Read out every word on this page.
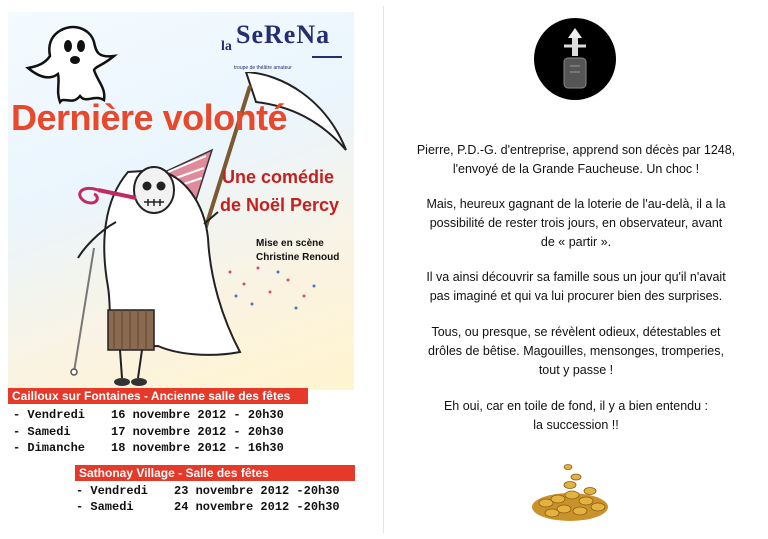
la SeReNa
troupe de théâtre amateur
Dernière volonté
Une comédie
de Noël Percy
Mise en scène
Christine Renoud
Cailloux sur Fontaines - Ancienne salle des fêtes
- Vendredi 16 novembre 2012 - 20h30
- Samedi	17 novembre 2012 - 20h30
- Dimanche 18 novembre 2012 - 16h30
Sathonay Village - Salle des fêtes
- Vendredi 23 novembre 2012 -20h30
- Samedi	24 novembre 2012 -20h30
Pierre, P.D.-G. d'entreprise, apprend son décès par 1248,
l'envoyé de la Grande Faucheuse. Un choc !
Mais, heureux gagnant de la loterie de l'au-delà, il a la
possibilité de rester trois jours, en observateur, avant
de « partir ».
Il va ainsi découvrir sa famille sous un jour qu'il n'avait
pas imaginé et qui va lui procurer bien des surprises.
Tous, ou presque, se révèlent odieux, détestables et
drôles de bêtise. Magouilles, mensonges, tromperies,
tout y passe !
Eh oui, car en toile de fond, il y a bien entendu :
la succession !!
